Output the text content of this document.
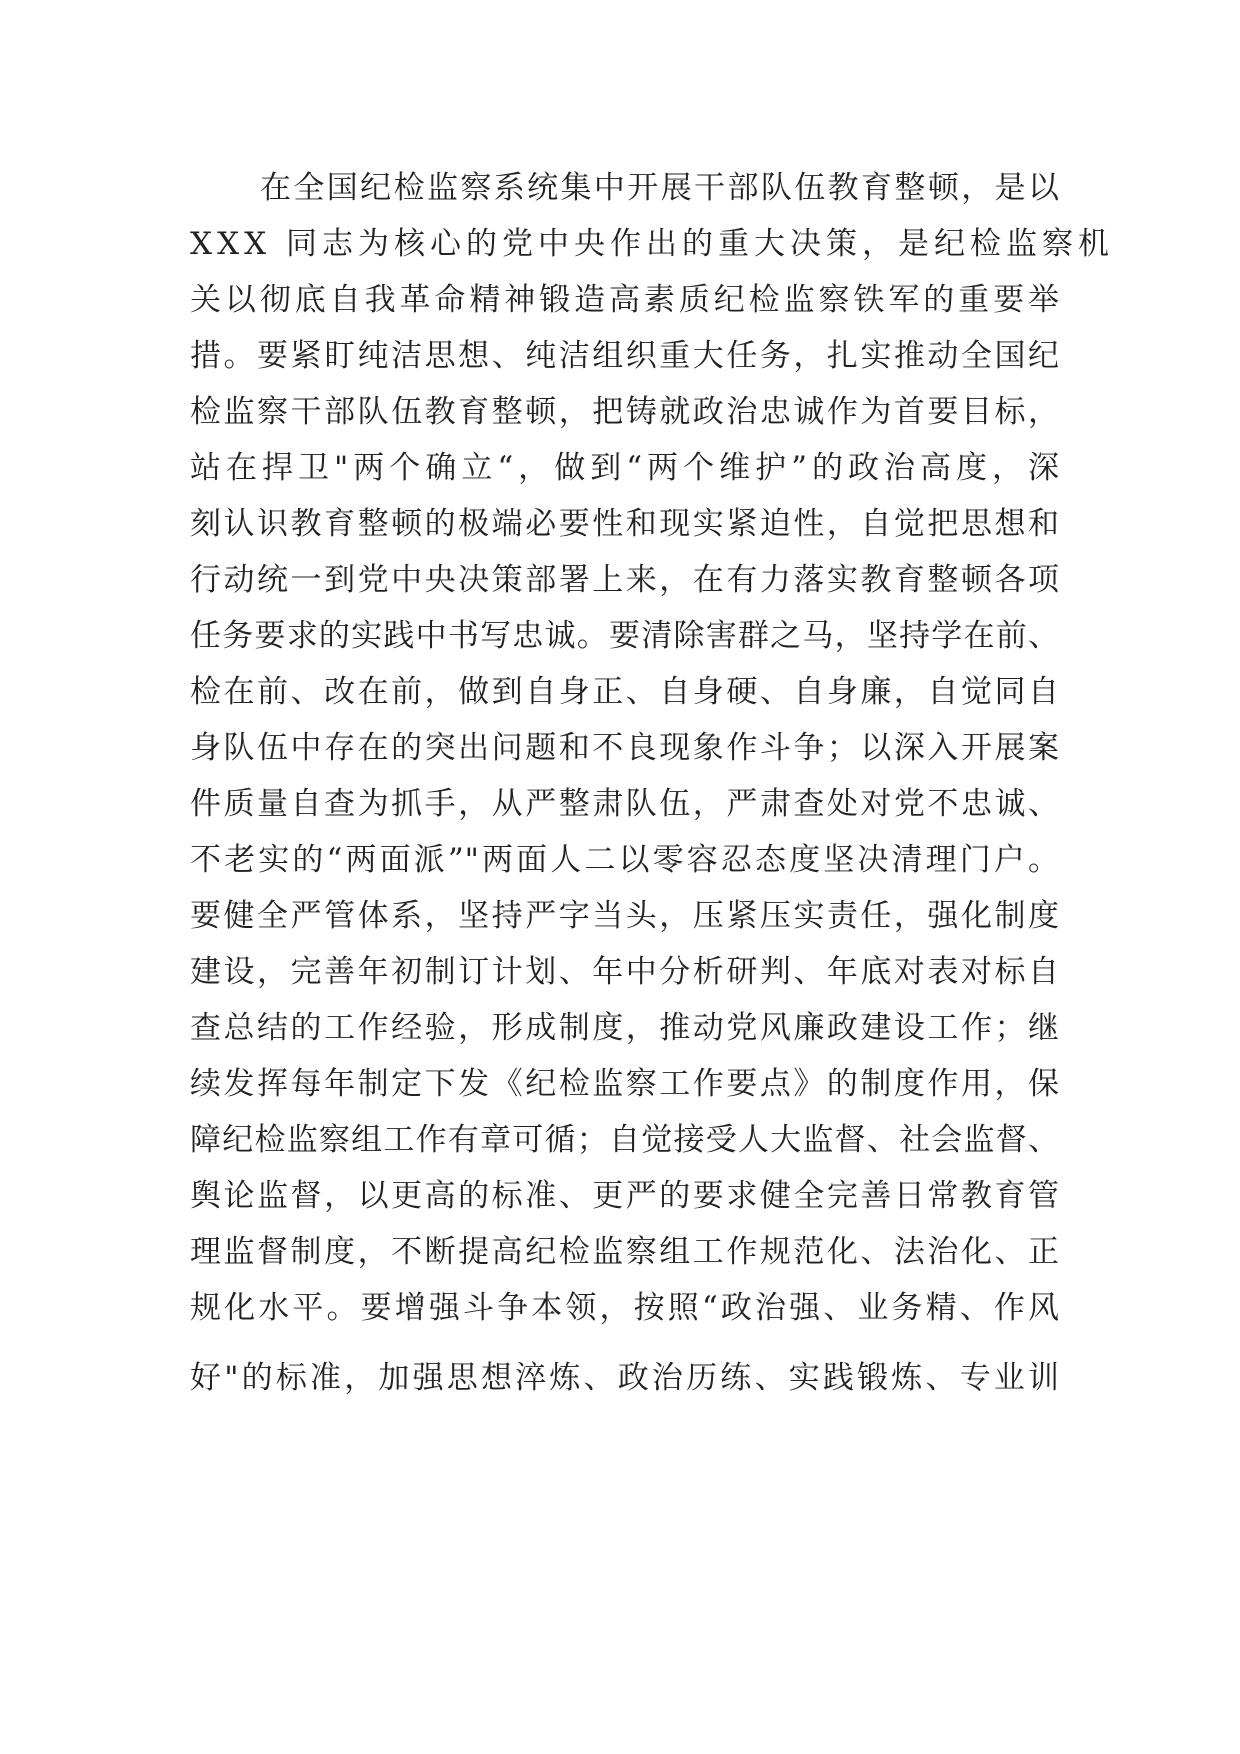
在全国纪检监察系统集中开展干部队伍教育整顿，是以
XXX 同志为核心的党中央作出的重大决策，是纪检监察机
关以彻底自我革命精神锻造高素质纪检监察铁军的重要举
措。要紧盯纯洁思想、纯洁组织重大任务，扎实推动全国纪
检监察干部队伍教育整顿，把铸就政治忠诚作为首要目标，
站在捍卫"两个确立“，做到“两个维护”的政治高度，深
刻认识教育整顿的极端必要性和现实紧迫性，自觉把思想和
行动统一到党中央决策部署上来，在有力落实教育整顿各项
任务要求的实践中书写忠诚。要清除害群之马，坚持学在前、
检在前、改在前，做到自身正、自身硬、自身廉，自觉同自
身队伍中存在的突出问题和不良现象作斗争；以深入开展案
件质量自查为抓手，从严整肃队伍，严肃查处对党不忠诚、
不老实的“两面派”"两面人二以零容忍态度坚决清理门户。
要健全严管体系，坚持严字当头，压紧压实责任，强化制度
建设，完善年初制订计划、年中分析研判、年底对表对标自
查总结的工作经验，形成制度，推动党风廉政建设工作；继
续发挥每年制定下发《纪检监察工作要点》的制度作用，保
障纪检监察组工作有章可循；自觉接受人大监督、社会监督、
舆论监督，以更高的标准、更严的要求健全完善日常教育管
理监督制度，不断提高纪检监察组工作规范化、法治化、正
规化水平。要增强斗争本领，按照“政治强、业务精、作风
好"的标准，加强思想淬炼、政治历练、实践锻炼、专业训
